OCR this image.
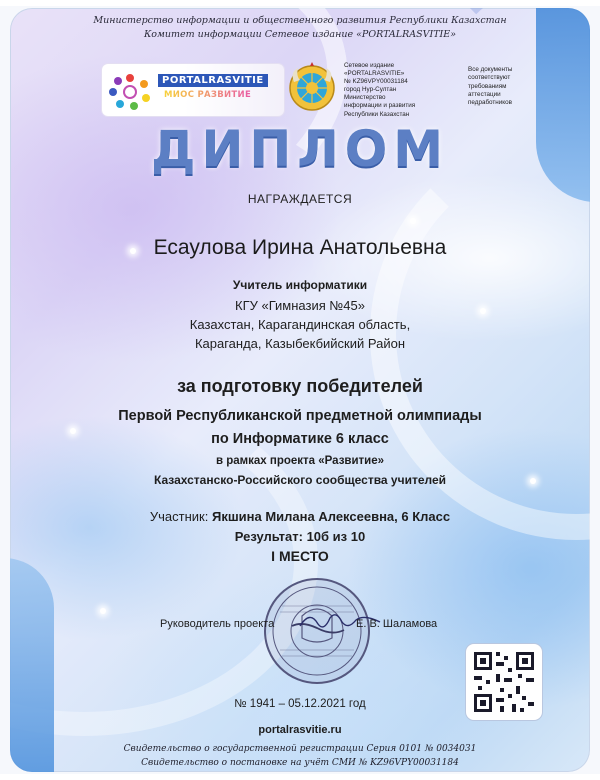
Министерство информации и общественного развития Республики Казахстан
Комитет информации Сетевое издание «PORTALRASVITIE»
PORTALRASVITIE
МИОС РАЗВИТИЕ
Сетевое издание
«PORTALRASVITIE»
№ KZ96VPY00031184
город Нур-Султан
Министерство
информации и развития
Республики Казахстан
Все документы
соответствуют
требованиям
аттестации
педработников
ДИПЛОМ
НАГРАЖДАЕТСЯ
Есаулова Ирина Анатольевна
Учитель информатики
КГУ «Гимназия №45»
Казахстан, Карагандинская область,
Караганда, Казыбекбийский Район
за подготовку победителей
Первой Республиканской предметной олимпиады
по Информатике 6 класс
в рамках проекта «Развитие»
Казахстанско-Российского сообщества учителей
Участник: Якшина Милана Алексеевна, 6 Класс
Результат: 10б из 10
I МЕСТО
Руководитель проекта	Е. В. Шаламова
№ 1941 – 05.12.2021 год
portalrasvitie.ru
Свидетельство о государственной регистрации Серия 0101 № 0034031
Свидетельство о постановке на учёт СМИ № KZ96VPY00031184
